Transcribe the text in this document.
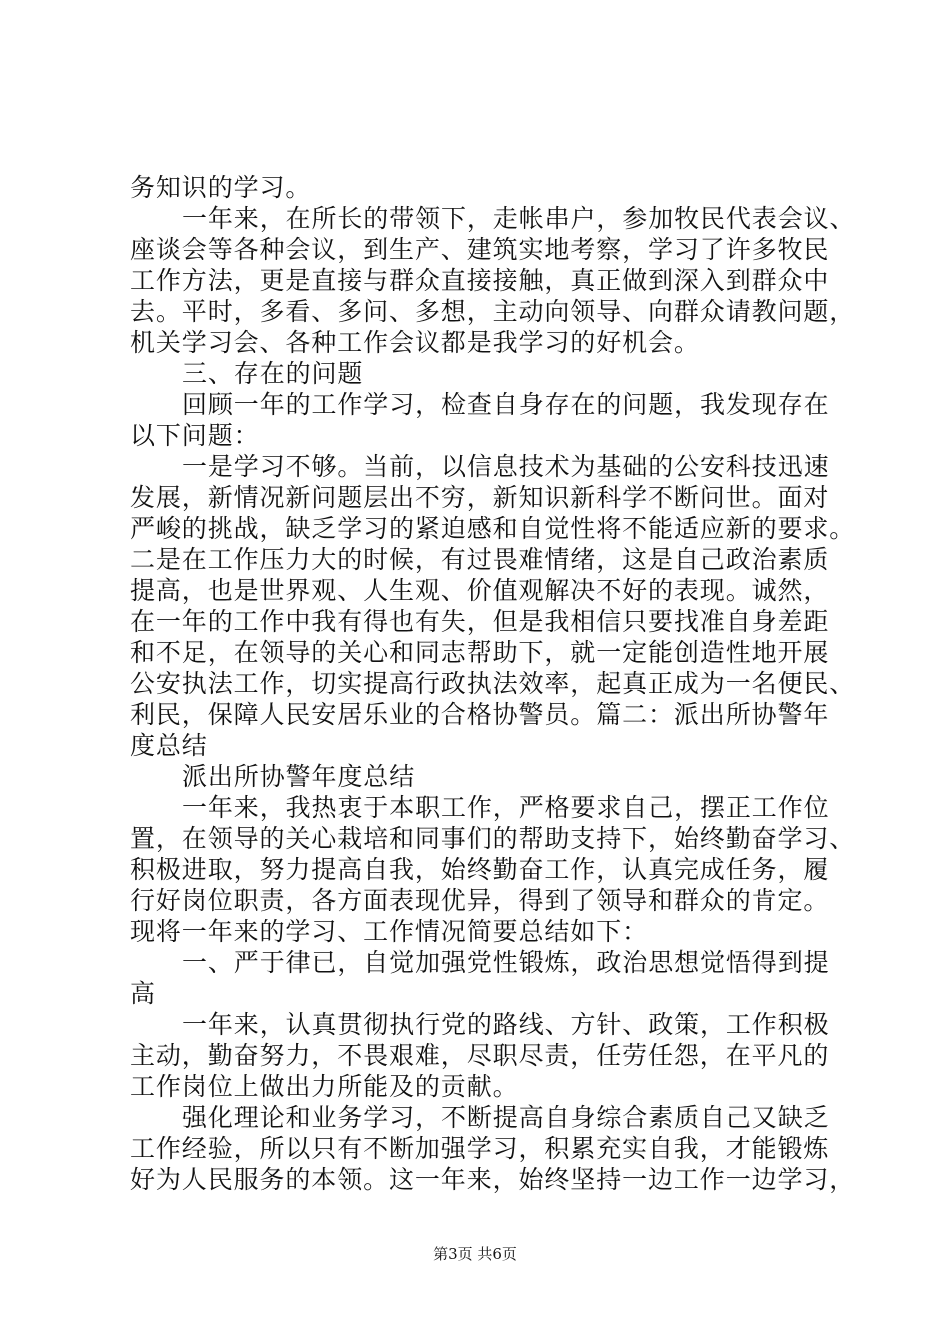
务知识的学习。
一年来，在所长的带领下，走帐串户，参加牧民代表会议、
座谈会等各种会议，到生产、建筑实地考察，学习了许多牧民
工作方法，更是直接与群众直接接触，真正做到深入到群众中
去。平时，多看、多问、多想，主动向领导、向群众请教问题，
机关学习会、各种工作会议都是我学习的好机会。
三、存在的问题
回顾一年的工作学习，检查自身存在的问题，我发现存在
以下问题：
一是学习不够。当前，以信息技术为基础的公安科技迅速
发展，新情况新问题层出不穷，新知识新科学不断问世。面对
严峻的挑战，缺乏学习的紧迫感和自觉性将不能适应新的要求。
二是在工作压力大的时候，有过畏难情绪，这是自己政治素质
提高，也是世界观、人生观、价值观解决不好的表现。诚然，
在一年的工作中我有得也有失，但是我相信只要找准自身差距
和不足，在领导的关心和同志帮助下，就一定能创造性地开展
公安执法工作，切实提高行政执法效率，起真正成为一名便民、
利民，保障人民安居乐业的合格协警员。篇二：派出所协警年
度总结
派出所协警年度总结
一年来，我热衷于本职工作，严格要求自己，摆正工作位
置，在领导的关心栽培和同事们的帮助支持下，始终勤奋学习、
积极进取，努力提高自我，始终勤奋工作，认真完成任务，履
行好岗位职责，各方面表现优异，得到了领导和群众的肯定。
现将一年来的学习、工作情况简要总结如下：
一、严于律已，自觉加强党性锻炼，政治思想觉悟得到提
高
一年来，认真贯彻执行党的路线、方针、政策，工作积极
主动，勤奋努力，不畏艰难，尽职尽责，任劳任怨，在平凡的
工作岗位上做出力所能及的贡献。
强化理论和业务学习，不断提高自身综合素质自己又缺乏
工作经验，所以只有不断加强学习，积累充实自我，才能锻炼
好为人民服务的本领。这一年来，始终坚持一边工作一边学习，
第3页 共6页
